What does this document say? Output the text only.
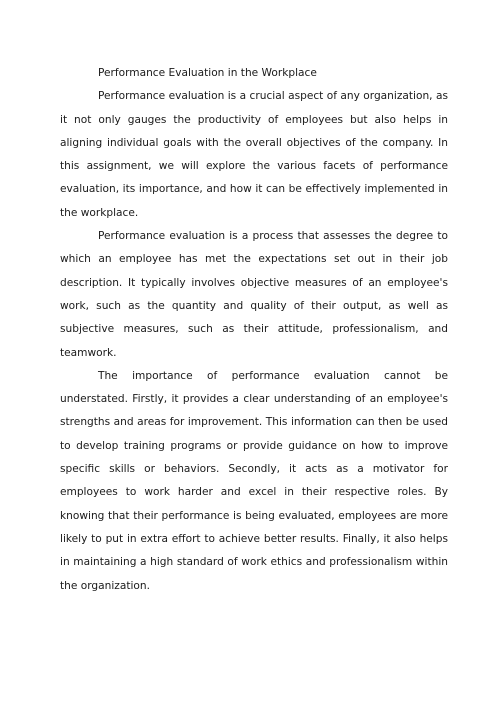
Performance Evaluation in the Workplace

Performance evaluation is a crucial aspect of any organization, as it not only gauges the productivity of employees but also helps in aligning individual goals with the overall objectives of the company. In this assignment, we will explore the various facets of performance evaluation, its importance, and how it can be effectively implemented in the workplace.

Performance evaluation is a process that assesses the degree to which an employee has met the expectations set out in their job description. It typically involves objective measures of an employee's work, such as the quantity and quality of their output, as well as subjective measures, such as their attitude, professionalism, and teamwork.

The importance of performance evaluation cannot be understated. Firstly, it provides a clear understanding of an employee's strengths and areas for improvement. This information can then be used to develop training programs or provide guidance on how to improve specific skills or behaviors. Secondly, it acts as a motivator for employees to work harder and excel in their respective roles. By knowing that their performance is being evaluated, employees are more likely to put in extra effort to achieve better results. Finally, it also helps in maintaining a high standard of work ethics and professionalism within the organization.
